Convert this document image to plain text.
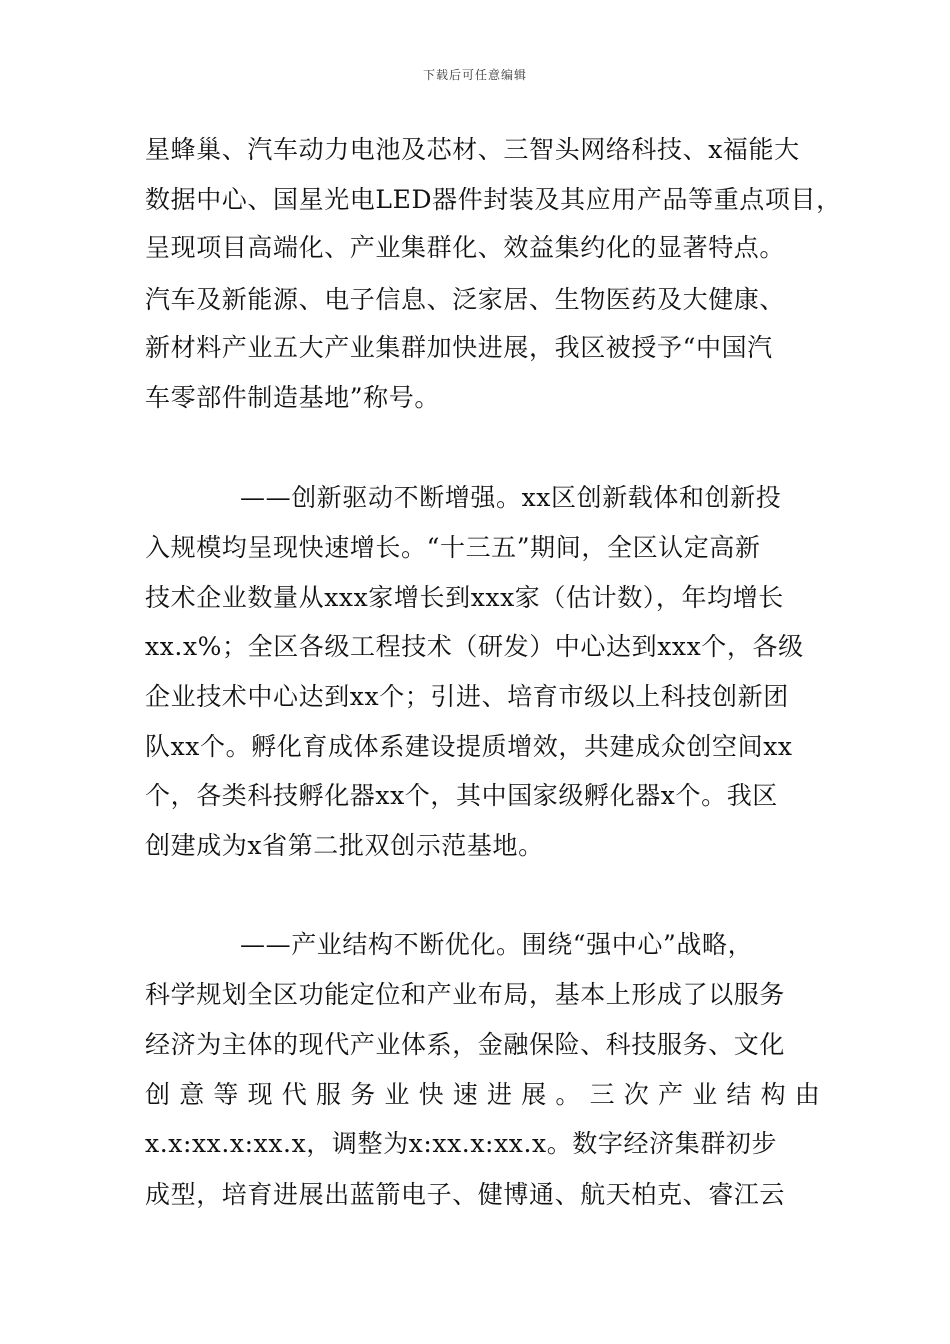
下载后可任意编辑
星蜂巢、汽车动力电池及芯材、三智头网络科技、x福能大
数据中心、国星光电LED器件封装及其应用产品等重点项目，
呈现项目高端化、产业集群化、效益集约化的显著特点。
汽车及新能源、电子信息、泛家居、生物医药及大健康、
新材料产业五大产业集群加快进展，我区被授予“中国汽
车零部件制造基地”称号。
——创新驱动不断增强。xx区创新载体和创新投
入规模均呈现快速增长。“十三五”期间，全区认定高新
技术企业数量从xxx家增长到xxx家（估计数），年均增长
xx.x%；全区各级工程技术（研发）中心达到xxx个，各级
企业技术中心达到xx个；引进、培育市级以上科技创新团
队xx个。孵化育成体系建设提质增效，共建成众创空间xx
个，各类科技孵化器xx个，其中国家级孵化器x个。我区
创建成为x省第二批双创示范基地。
——产业结构不断优化。围绕“强中心”战略，
科学规划全区功能定位和产业布局，基本上形成了以服务
经济为主体的现代产业体系，金融保险、科技服务、文化
创意等现代服务业快速进展。三次产业结构由
x.x:xx.x:xx.x，调整为x:xx.x:xx.x。数字经济集群初步
成型，培育进展出蓝箭电子、健博通、航天柏克、睿江云
